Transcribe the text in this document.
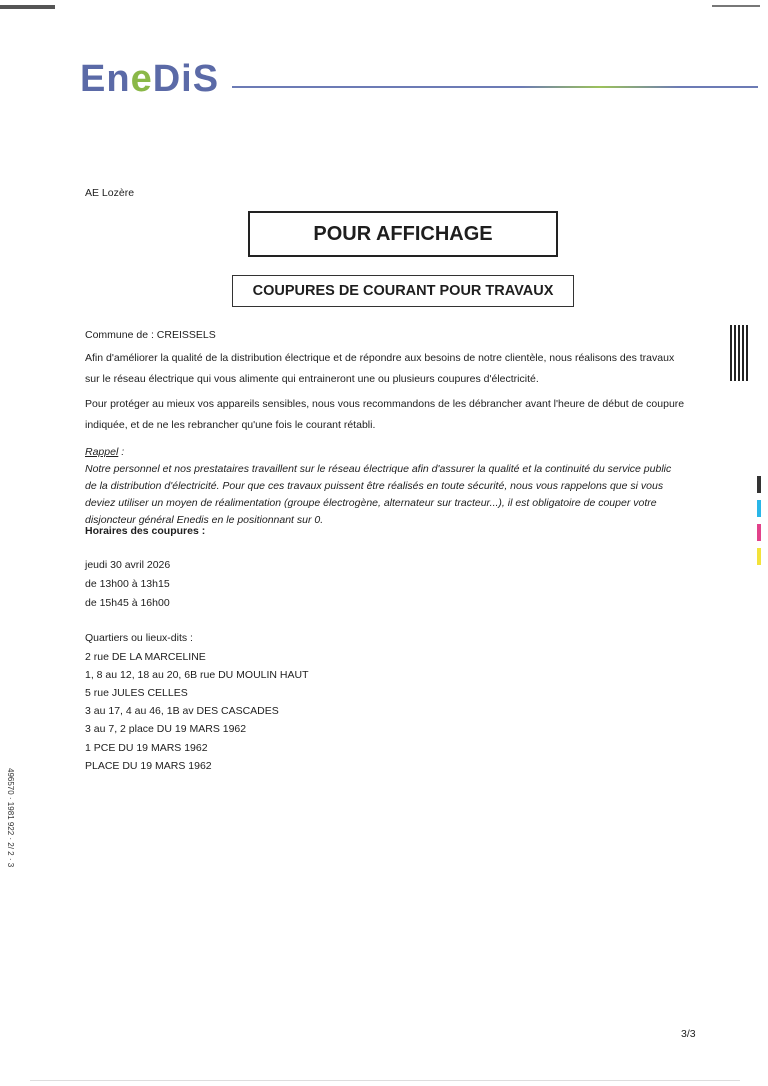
EneDiS
AE Lozère
POUR AFFICHAGE
COUPURES DE COURANT POUR TRAVAUX
Commune de : CREISSELS
Afin d'améliorer la qualité de la distribution électrique et de répondre aux besoins de notre clientèle, nous réalisons des travaux
sur le réseau électrique qui vous alimente qui entraineront une ou plusieurs coupures d'électricité.
Pour protéger au mieux vos appareils sensibles, nous vous recommandons de les débrancher avant l'heure de début de coupure
indiquée, et de ne les rebrancher qu'une fois le courant rétabli.
Rappel :
Notre personnel et nos prestataires travaillent sur le réseau électrique afin d'assurer la qualité et la continuité du service public
de la distribution d'électricité. Pour que ces travaux puissent être réalisés en toute sécurité, nous vous rappelons que si vous
deviez utiliser un moyen de réalimentation (groupe électrogène, alternateur sur tracteur...), il est obligatoire de couper votre
disjoncteur général Enedis en le positionnant sur 0.
Horaires des coupures :
jeudi 30 avril 2026
de 13h00 à 13h15
de 15h45 à 16h00
Quartiers ou lieux-dits :
2 rue DE LA MARCELINE
1, 8 au 12, 18 au 20, 6B rue DU MOULIN HAUT
5 rue JULES CELLES
3 au 17, 4 au 46, 1B av DES CASCADES
3 au 7, 2 place DU 19 MARS 1962
1 PCE DU 19 MARS 1962
PLACE DU 19 MARS 1962
496570 · 1981 922 · 2/ 2 · 3
3/3
